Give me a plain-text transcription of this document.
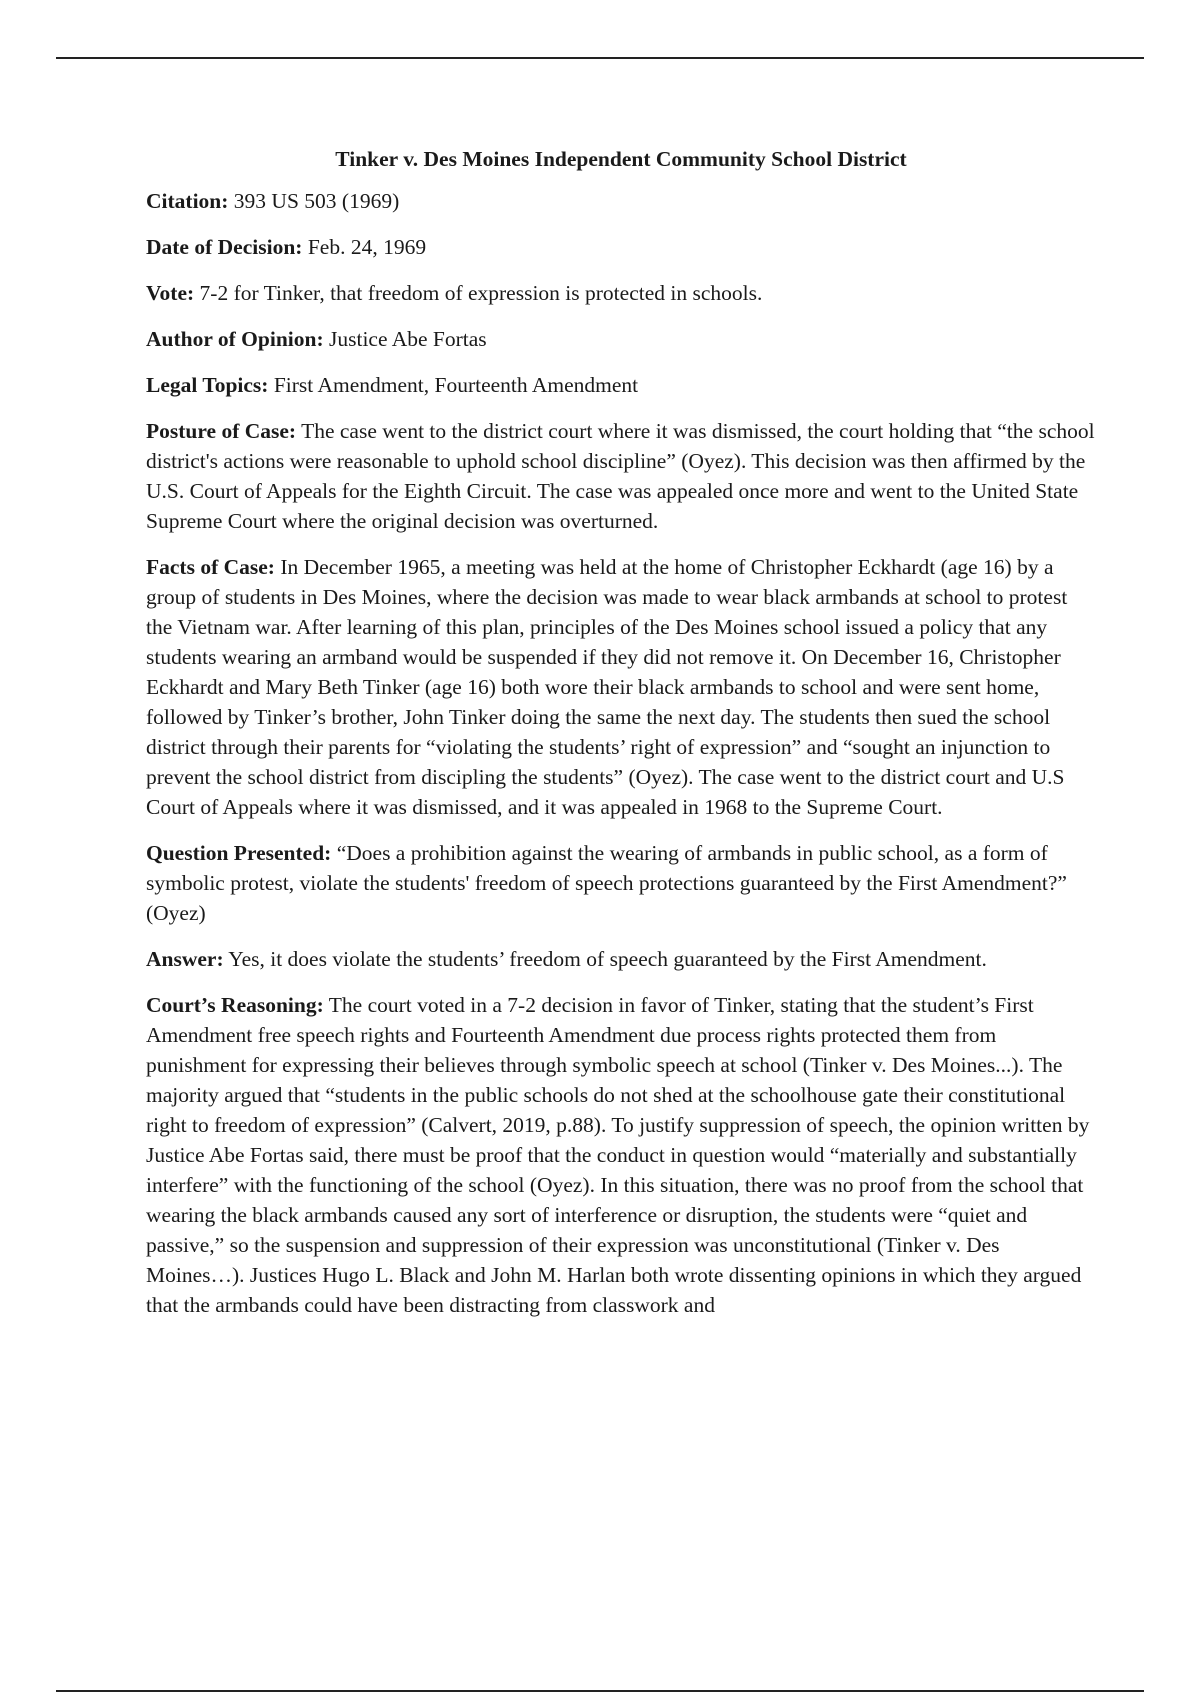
Tinker v. Des Moines Independent Community School District

Citation: 393 US 503 (1969)

Date of Decision: Feb. 24, 1969

Vote: 7-2 for Tinker, that freedom of expression is protected in schools.

Author of Opinion: Justice Abe Fortas

Legal Topics: First Amendment, Fourteenth Amendment

Posture of Case: The case went to the district court where it was dismissed, the court holding that “the school district's actions were reasonable to uphold school discipline” (Oyez). This decision was then affirmed by the U.S. Court of Appeals for the Eighth Circuit. The case was appealed once more and went to the United State Supreme Court where the original decision was overturned.

Facts of Case: In December 1965, a meeting was held at the home of Christopher Eckhardt (age 16) by a group of students in Des Moines, where the decision was made to wear black armbands at school to protest the Vietnam war. After learning of this plan, principles of the Des Moines school issued a policy that any students wearing an armband would be suspended if they did not remove it. On December 16, Christopher Eckhardt and Mary Beth Tinker (age 16) both wore their black armbands to school and were sent home, followed by Tinker’s brother, John Tinker doing the same the next day. The students then sued the school district through their parents for “violating the students’ right of expression” and “sought an injunction to prevent the school district from discipling the students” (Oyez). The case went to the district court and U.S Court of Appeals where it was dismissed, and it was appealed in 1968 to the Supreme Court.

Question Presented: “Does a prohibition against the wearing of armbands in public school, as a form of symbolic protest, violate the students' freedom of speech protections guaranteed by the First Amendment?” (Oyez)

Answer: Yes, it does violate the students’ freedom of speech guaranteed by the First Amendment.

Court’s Reasoning: The court voted in a 7-2 decision in favor of Tinker, stating that the student’s First Amendment free speech rights and Fourteenth Amendment due process rights protected them from punishment for expressing their believes through symbolic speech at school (Tinker v. Des Moines...). The majority argued that “students in the public schools do not shed at the schoolhouse gate their constitutional right to freedom of expression” (Calvert, 2019, p.88). To justify suppression of speech, the opinion written by Justice Abe Fortas said, there must be proof that the conduct in question would “materially and substantially interfere” with the functioning of the school (Oyez). In this situation, there was no proof from the school that wearing the black armbands caused any sort of interference or disruption, the students were “quiet and passive,” so the suspension and suppression of their expression was unconstitutional (Tinker v. Des Moines…). Justices Hugo L. Black and John M. Harlan both wrote dissenting opinions in which they argued that the armbands could have been distracting from classwork and
